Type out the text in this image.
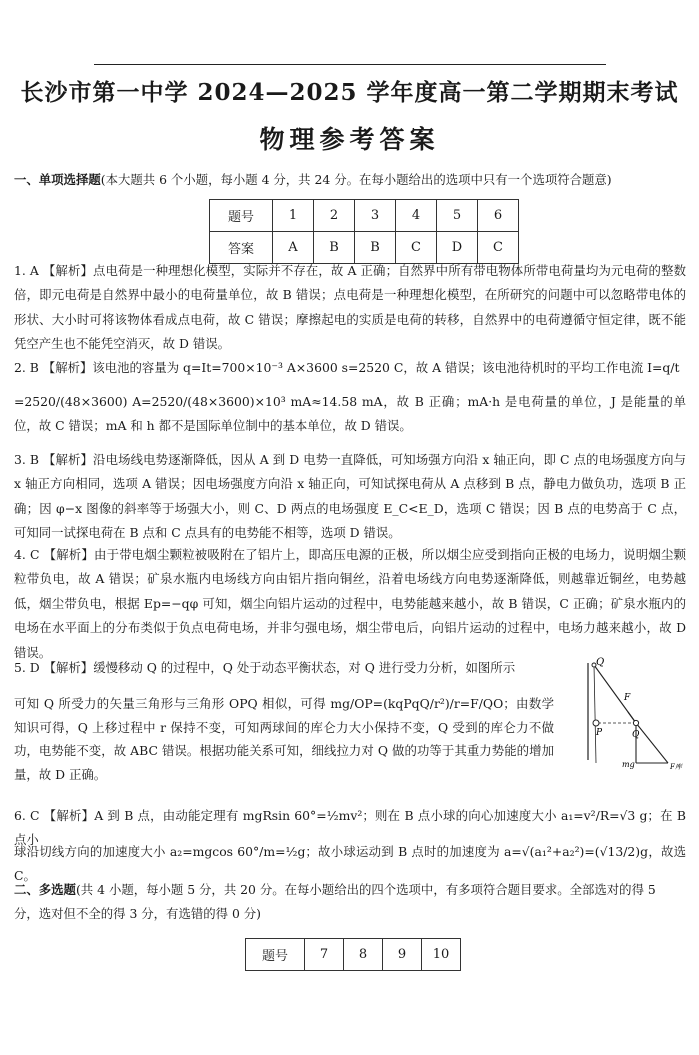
长沙市第一中学 2024—2025 学年度高一第二学期期末考试
物理参考答案
一、单项选择题(本大题共 6 个小题，每小题 4 分，共 24 分。在每小题给出的选项中只有一个选项符合题意)
题号	1	2	3	4	5	6
答案	A	B	B	C	D	C
1. A 【解析】点电荷是一种理想化模型，实际并不存在，故 A 正确；自然界中所有带电物体所带电荷量均为元电荷的整数倍，即元电荷是自然界中最小的电荷量单位，故 B 错误；点电荷是一种理想化模型，在所研究的问题中可以忽略带电体的形状、大小时可将该物体看成点电荷，故 C 错误；摩擦起电的实质是电荷的转移，自然界中的电荷遵循守恒定律，既不能凭空产生也不能凭空消灭，故 D 错误。
2. B 【解析】该电池的容量为 q=It=700×10⁻³ A×3600 s=2520 C，故 A 错误；该电池待机时的平均工作电流 I=q/t
=2520/(48×3600) A=2520/(48×3600)×10³ mA≈14.58 mA，故 B 正确；mA·h 是电荷量的单位，J 是能量的单位，故 C 错误；mA 和 h 都不是国际单位制中的基本单位，故 D 错误。
3. B 【解析】沿电场线电势逐渐降低，因从 A 到 D 电势一直降低，可知场强方向沿 x 轴正向，即 C 点的电场强度方向与 x 轴正方向相同，选项 A 错误；因电场强度方向沿 x 轴正向，可知试探电荷从 A 点移到 B 点，静电力做负功，选项 B 正确；因 φ−x 图像的斜率等于场强大小，则 C、D 两点的电场强度 E_C<E_D，选项 C 错误；因 B 点的电势高于 C 点，可知同一试探电荷在 B 点和 C 点具有的电势能不相等，选项 D 错误。
4. C 【解析】由于带电烟尘颗粒被吸附在了铝片上，即高压电源的正极，所以烟尘应受到指向正极的电场力，说明烟尘颗粒带负电，故 A 错误；矿泉水瓶内电场线方向由铝片指向铜丝，沿着电场线方向电势逐渐降低，则越靠近铜丝，电势越低，烟尘带负电，根据 Ep=−qφ 可知，烟尘向铝片运动的过程中，电势能越来越小，故 B 错误，C 正确；矿泉水瓶内的电场在水平面上的分布类似于负点电荷电场，并非匀强电场，烟尘带电后，向铝片运动的过程中，电场力越来越小，故 D 错误。
5. D 【解析】缓慢移动 Q 的过程中，Q 处于动态平衡状态，对 Q 进行受力分析，如图所示
可知 Q 所受力的矢量三角形与三角形 OPQ 相似，可得 mg/OP=(kqPqQ/r²)/r=F/QO；由数学知识可得，Q 上移过程中 r 保持不变，可知两球间的库仑力大小保持不变，Q 受到的库仑力不做功，电势能不变，故 ABC 错误。根据功能关系可知，细线拉力对 Q 做的功等于其重力势能的增加量，故 D 正确。
Q
P	Q
F
mg	F库
6. C 【解析】A 到 B 点，由动能定理有 mgRsin 60°=½mv²；则在 B 点小球的向心加速度大小 a₁=v²/R=√3 g；在 B 点小
球沿切线方向的加速度大小 a₂=mgcos 60°/m=½g；故小球运动到 B 点时的加速度为 a=√(a₁²+a₂²)=(√13/2)g，故选 C。
二、多选题(共 4 小题，每小题 5 分，共 20 分。在每小题给出的四个选项中，有多项符合题目要求。全部选对的得 5 分，选对但不全的得 3 分，有选错的得 0 分)
题号	7	8	9	10
